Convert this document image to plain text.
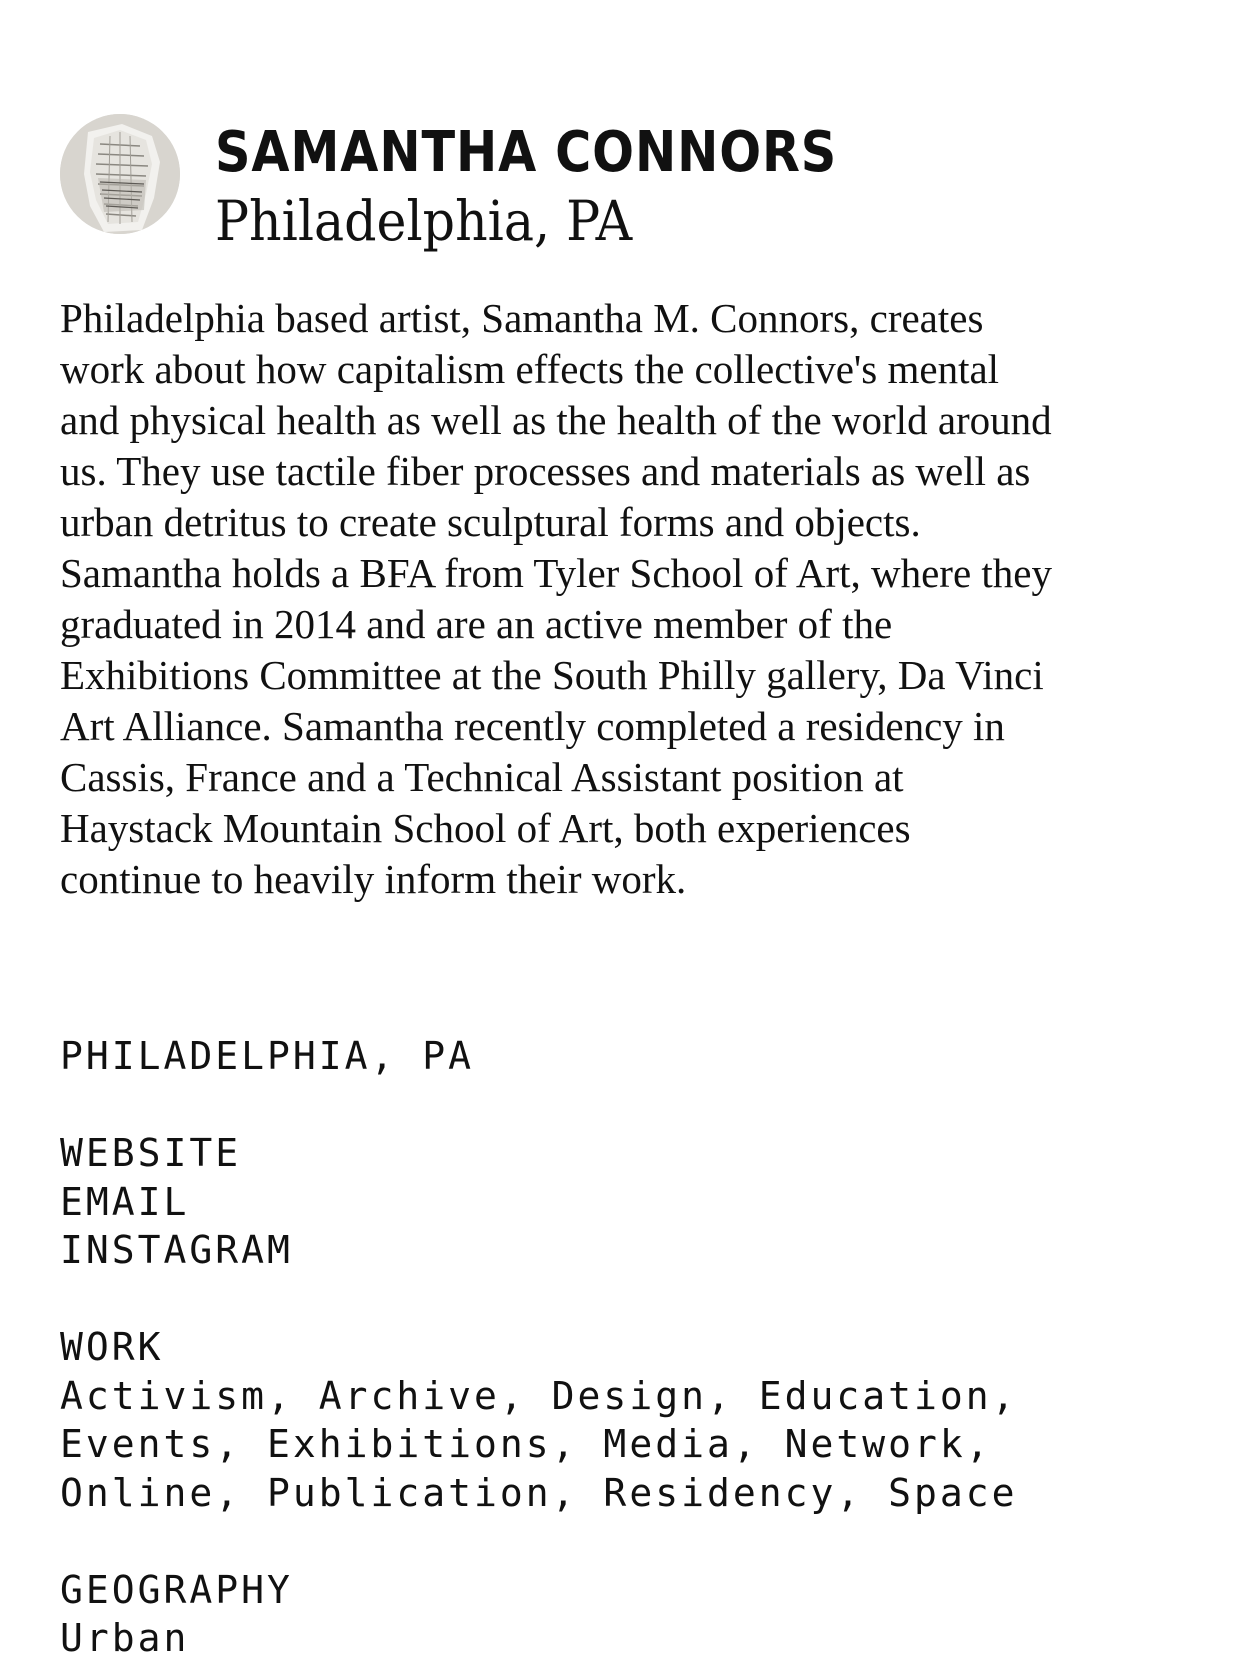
SAMANTHA CONNORS
Philadelphia, PA
Philadelphia based artist, Samantha M. Connors, creates
work about how capitalism effects the collective's mental
and physical health as well as the health of the world around
us. They use tactile fiber processes and materials as well as
urban detritus to create sculptural forms and objects.
Samantha holds a BFA from Tyler School of Art, where they
graduated in 2014 and are an active member of the
Exhibitions Committee at the South Philly gallery, Da Vinci
Art Alliance. Samantha recently completed a residency in
Cassis, France and a Technical Assistant position at
Haystack Mountain School of Art, both experiences
continue to heavily inform their work.
PHILADELPHIA, PA
WEBSITE
EMAIL
INSTAGRAM
WORK
Activism, Archive, Design, Education,
Events, Exhibitions, Media, Network,
Online, Publication, Residency, Space
GEOGRAPHY
Urban
